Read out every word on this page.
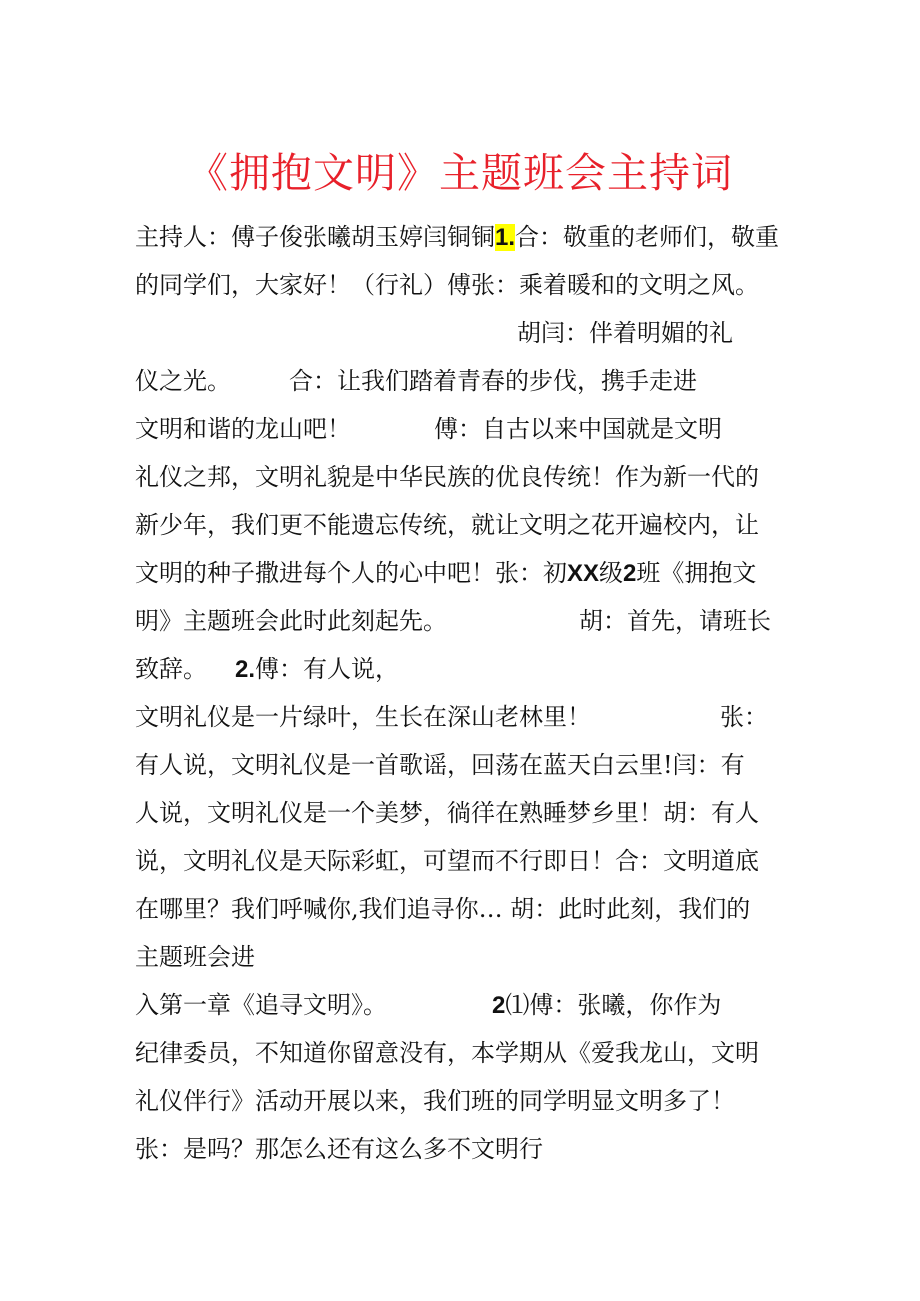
《拥抱文明》主题班会主持词
主持人：傅子俊张曦胡玉婷闫铜铜1.合：敬重的老师们，敬重
的同学们，大家好！（行礼）傅张：乘着暖和的文明之风。
胡闫：伴着明媚的礼
仪之光。 合：让我们踏着青春的步伐，携手走进
文明和谐的龙山吧！	傅：自古以来中国就是文明
礼仪之邦，文明礼貌是中华民族的优良传统！作为新一代的
新少年，我们更不能遗忘传统，就让文明之花开遍校内，让
文明的种子撒进每个人的心中吧！张：初XX级2班《拥抱文
明》主题班会此时此刻起先。	胡：首先，请班长
致辞。 2.傅：有人说，
文明礼仪是一片绿叶，生长在深山老林里！	张：
有人说，文明礼仪是一首歌谣，回荡在蓝天白云里!闫：有
人说，文明礼仪是一个美梦，徜徉在熟睡梦乡里！胡：有人
说，文明礼仪是天际彩虹，可望而不行即日！合：文明道底
在哪里？我们呼喊你,我们追寻你… 胡：此时此刻，我们的
主题班会进
入第一章《追寻文明》。	2⑴傅：张曦，你作为
纪律委员，不知道你留意没有，本学期从《爱我龙山，文明
礼仪伴行》活动开展以来，我们班的同学明显文明多了！
张：是吗？那怎么还有这么多不文明行
